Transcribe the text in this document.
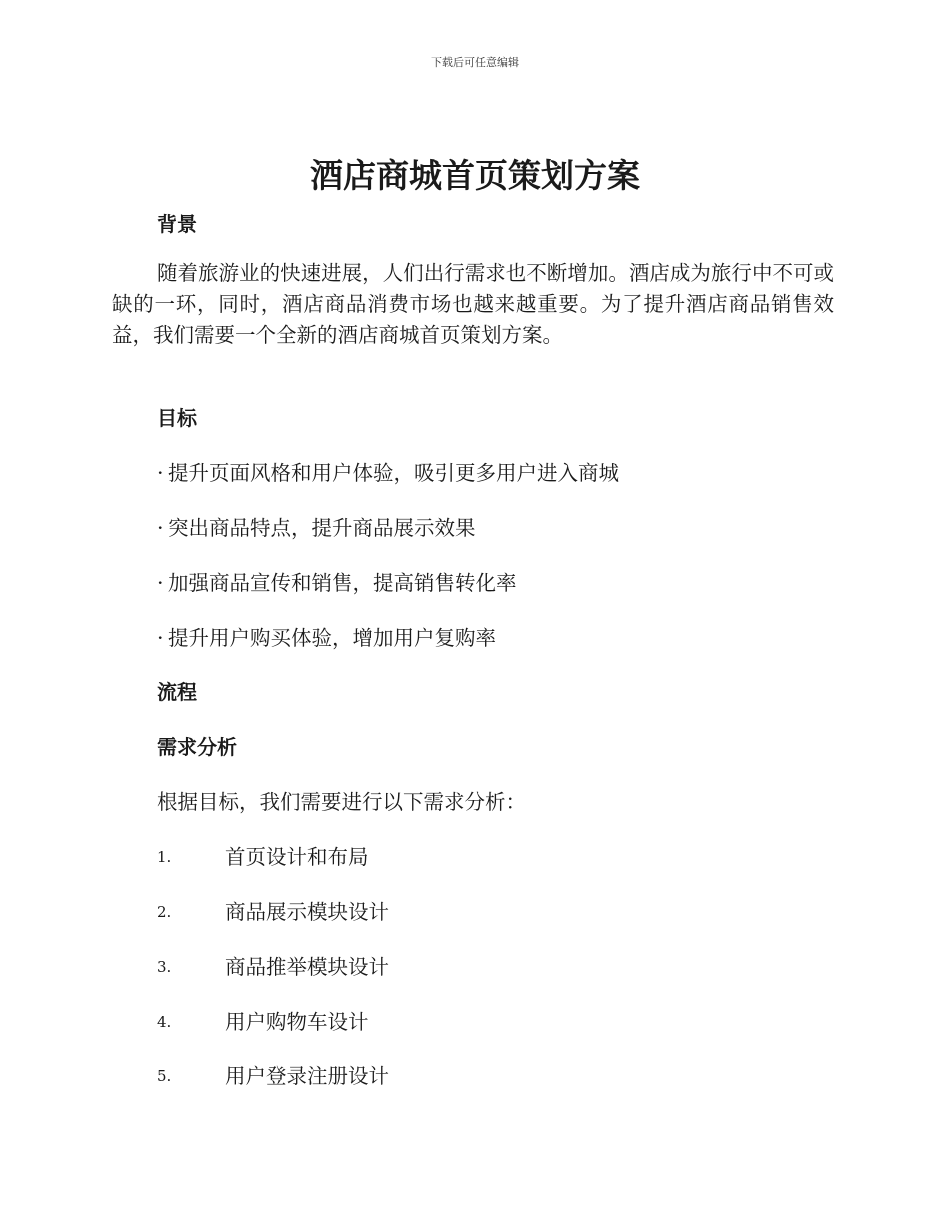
下载后可任意编辑
酒店商城首页策划方案
背景

随着旅游业的快速进展，人们出行需求也不断增加。酒店成为旅行中不可或缺的一环，同时，酒店商品消费市场也越来越重要。为了提升酒店商品销售效益，我们需要一个全新的酒店商城首页策划方案。

目标

· 提升页面风格和用户体验，吸引更多用户进入商城

· 突出商品特点，提升商品展示效果

· 加强商品宣传和销售，提高销售转化率

· 提升用户购买体验，增加用户复购率

流程
需求分析

根据目标，我们需要进行以下需求分析：

1.	首页设计和布局

2.	商品展示模块设计

3.	商品推举模块设计

4.	用户购物车设计

5.	用户登录注册设计
